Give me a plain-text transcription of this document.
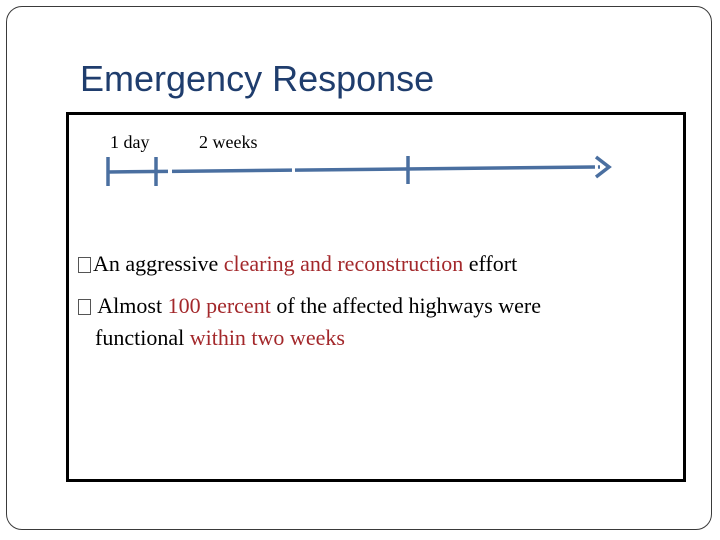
Emergency Response
1 day	2 weeks
An aggressive clearing and reconstruction effort
Almost 100 percent of the affected highways were
functional within two weeks
